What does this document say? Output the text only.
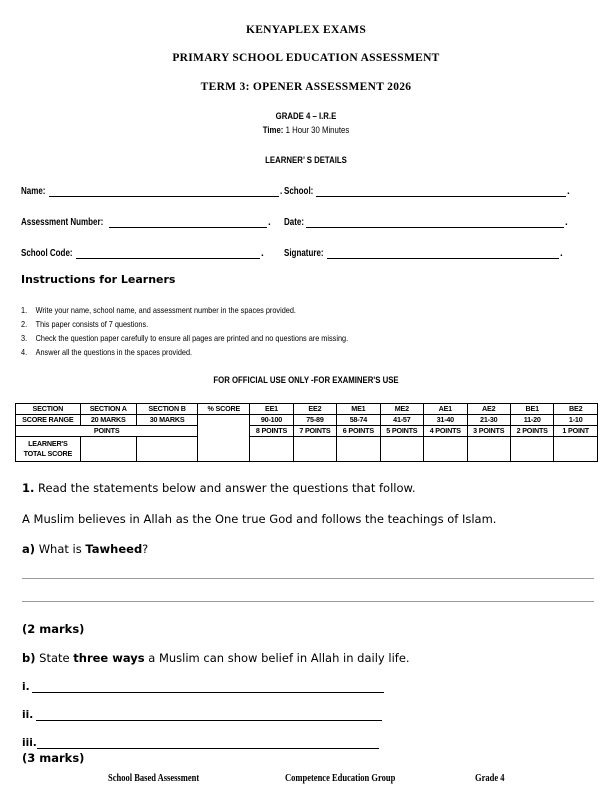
KENYAPLEX EXAMS
PRIMARY SCHOOL EDUCATION ASSESSMENT
TERM 3: OPENER ASSESSMENT 2026
GRADE 4 – I.R.E
Time: 1 Hour 30 Minutes
LEARNER’ S DETAILS
Name:	. School:	.
Assessment Number:	. Date:	.
School Code:	. Signature:	.
Instructions for Learners
1. Write your name, school name, and assessment number in the spaces provided.
2. This paper consists of 7 questions.
3. Check the question paper carefully to ensure all pages are printed and no questions are missing.
4. Answer all the questions in the spaces provided.
FOR OFFICIAL USE ONLY -FOR EXAMINER'S USE
SECTION	SECTION A	SECTION B	% SCORE	EE1	EE2	ME1	ME2	AE1	AE2	BE1	BE2
SCORE RANGE	20 MARKS	30 MARKS		90-100	75-89	58-74	41-57	31-40	21-30	11-20	1-10
POINTS				8 POINTS	7 POINTS	6 POINTS	5 POINTS	4 POINTS	3 POINTS	2 POINTS	1 POINT
LEARNER'S
TOTAL SCORE											
1. Read the statements below and answer the questions that follow.
A Muslim believes in Allah as the One true God and follows the teachings of Islam.
a) What is Tawheed?
(2 marks)
b) State three ways a Muslim can show belief in Allah in daily life.
i.
ii.
iii.
(3 marks)
School Based Assessment	Competence Education Group	Grade 4
